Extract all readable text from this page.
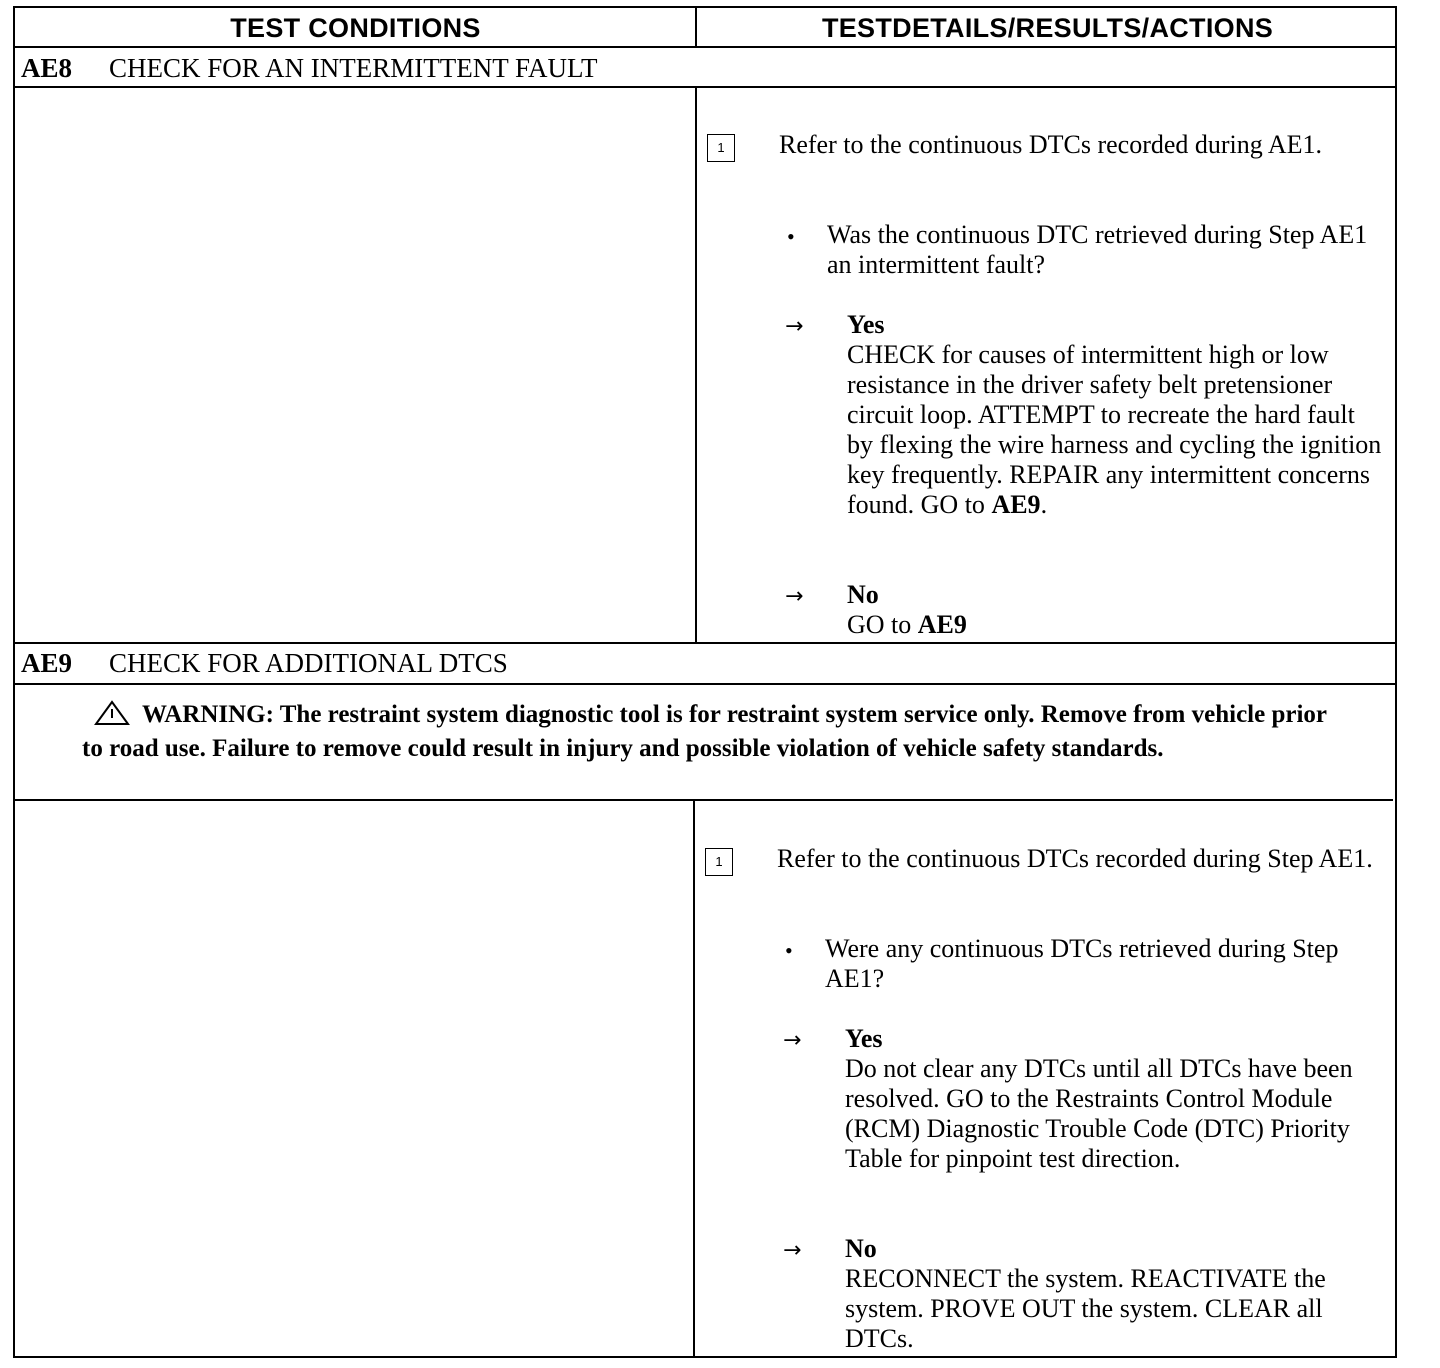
TEST CONDITIONS	TESTDETAILS/RESULTS/ACTIONS
AE8	CHECK FOR AN INTERMITTENT FAULT
1	Refer to the continuous DTCs recorded during AE1.
• Was the continuous DTC retrieved during Step AE1 an intermittent fault?
→ Yes
CHECK for causes of intermittent high or low resistance in the driver safety belt pretensioner circuit loop. ATTEMPT to recreate the hard fault by flexing the wire harness and cycling the ignition key frequently. REPAIR any intermittent concerns found. GO to AE9.
→ No
GO to AE9
AE9	CHECK FOR ADDITIONAL DTCS
WARNING: The restraint system diagnostic tool is for restraint system service only. Remove from vehicle prior to road use. Failure to remove could result in injury and possible violation of vehicle safety standards.
1	Refer to the continuous DTCs recorded during Step AE1.
• Were any continuous DTCs retrieved during Step AE1?
→ Yes
Do not clear any DTCs until all DTCs have been resolved. GO to the Restraints Control Module (RCM) Diagnostic Trouble Code (DTC) Priority Table for pinpoint test direction.
→ No
RECONNECT the system. REACTIVATE the system. PROVE OUT the system. CLEAR all DTCs.
